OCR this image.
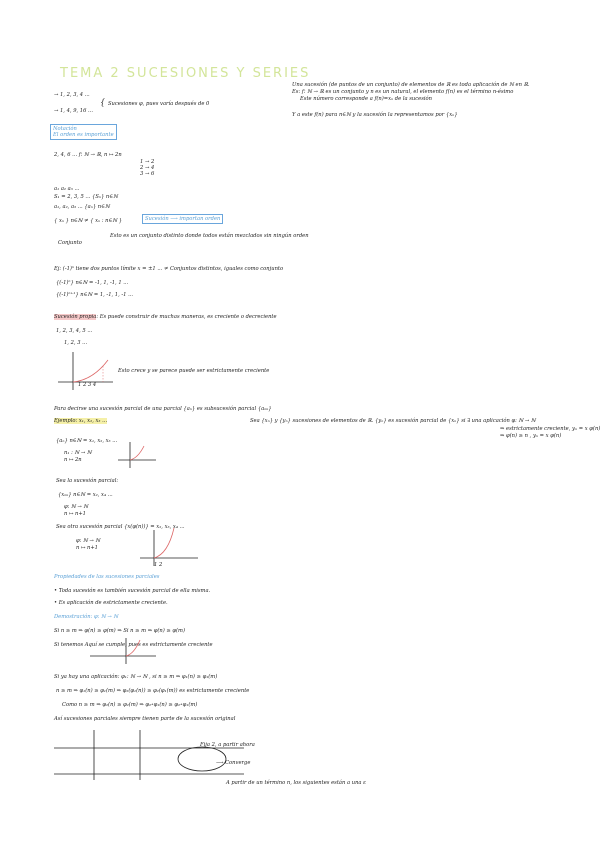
TEMA 2 SUCESIONES Y SERIES
→ 1, 2, 3, 4 ...
→ 1, 4, 9, 16 ...
{ Sucesiones φ, pues varía después de 0
Notación
El orden es importante
2, 4, 6 ... f: ℕ → ℝ, n ↦ 2n
1 → 2
2 → 4
3 → 6
a₁ a₂ a₃ ...
S₁ = 2, 3, 5 ... {Sₙ} n∈ℕ
a₁, a₂, a₃ ... {aₙ} n∈ℕ
{ xₙ } n∈ℕ ≠ { xₙ : n∈ℕ }	Sucesión ⟶ importan orden
Esto es un conjunto distinto donde todos están mezclados sin ningún orden
Conjunto
Ej: (-1)ⁿ tiene dos puntos límite x = ±1 ... ≠ Conjuntos distintos, iguales como conjunto
{(-1)ⁿ} n∈ℕ = -1, 1, -1, 1 ...
{(-1)ⁿ⁺¹} n∈ℕ = 1, -1, 1, -1 ...
Sucesión propia: Es puede construir de muchas maneras, es creciente o decreciente
1, 2, 3, 4, 5 ...
1, 2, 3 ...
1 2 3 4
Esto crece y se parece puede ser estrictamente creciente
Para decirse una sucesión parcial de una parcial {aₙ} es subsucesión parcial {aₙₖ}
Ejemplo: x₁, x₂, x₃ ...
{aₙ} n∈ℕ = x₁, x₂, x₃ ...
n₁ : ℕ → ℕ
n ↦ 2n
Sea la sucesión parcial:
{xₙₖ} n∈ℕ = x₂, x₄ ...
φ: ℕ → ℕ
n ↦ n+1
Sea otra sucesión parcial {x(φ(n))} = x₂, x₃, x₄ ...
φ: ℕ → ℕ
n ↦ n+1
1 2
Propiedades de las sucesiones parciales
• Toda sucesión es también sucesión parcial de ella misma.
• Es aplicación de estrictamente creciente.
Demostración: φ: ℕ → ℕ
Si n ≥ m ⇒ φ(n) ≥ φ(m) ⇒ Si n ≥ m ⇒ φ(n) ≥ φ(m)
Si tenemos Aquí se cumple, pues es estrictamente creciente
Si ya hay una aplicación: φ₁: ℕ → ℕ , si n ≥ m ⇒ φ₁(n) ≥ φ₁(m)
n ≥ m ⇒ φ₁(n) ≥ φ₁(m) ⇒ φ₂(φ₁(n)) ≥ φ₂(φ₁(m)) es estrictamente creciente
Como n ≥ m ⇒ φ₂(n) ≥ φ₂(m) ⇒ φ₂∘φ₁(n) ≥ φ₂∘φ₁(m)
Así sucesiones parciales siempre tienen parte de la sucesión original
Fija 2, a partir ahora
⟶ Converge
A partir de un término n, los siguientes están a una ε
Una sucesión (de puntos de un conjunto) de elementos de ℝ es toda aplicación de ℕ en ℝ.
Es: f: ℕ → ℝ es un conjunto y n es un natural, el elemento f(n) es el término n-ésimo
Este número corresponde a f(n)=xₙ de la sucesión
Y a este f(n) para n∈ℕ y la sucesión la representamos por {xₙ}
Sea {xₙ} y {yₙ} sucesiones de elementos de ℝ. {yₙ} es sucesión parcial de {xₙ} si ∃ una aplicación φ: ℕ → ℕ
⇒ estrictamente creciente, yₙ = x φ(n)
⇒ φ(n) ≥ n , yₙ = x φ(n)
